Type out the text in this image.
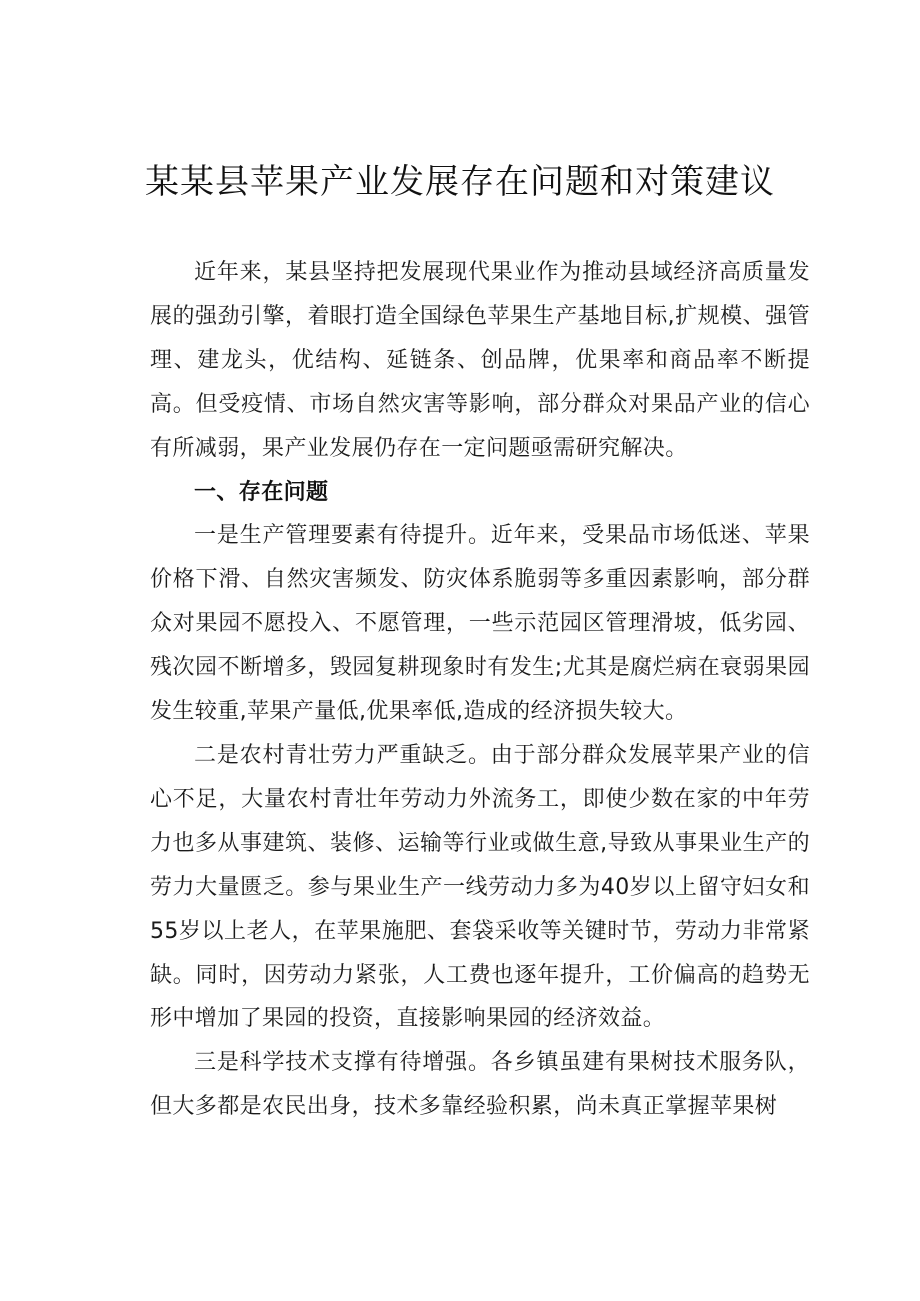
某某县苹果产业发展存在问题和对策建议

近年来，某县坚持把发展现代果业作为推动县域经济高质量发展的强劲引擎，着眼打造全国绿色苹果生产基地目标,扩规模、强管理、建龙头，优结构、延链条、创品牌，优果率和商品率不断提高。但受疫情、市场自然灾害等影响，部分群众对果品产业的信心有所减弱，果产业发展仍存在一定问题亟需研究解决。

一、存在问题

一是生产管理要素有待提升。近年来，受果品市场低迷、苹果价格下滑、自然灾害频发、防灾体系脆弱等多重因素影响，部分群众对果园不愿投入、不愿管理，一些示范园区管理滑坡，低劣园、残次园不断增多，毁园复耕现象时有发生;尤其是腐烂病在衰弱果园发生较重,苹果产量低,优果率低,造成的经济损失较大。

二是农村青壮劳力严重缺乏。由于部分群众发展苹果产业的信心不足，大量农村青壮年劳动力外流务工，即使少数在家的中年劳力也多从事建筑、装修、运输等行业或做生意,导致从事果业生产的劳力大量匮乏。参与果业生产一线劳动力多为40岁以上留守妇女和55岁以上老人，在苹果施肥、套袋采收等关键时节，劳动力非常紧缺。同时，因劳动力紧张，人工费也逐年提升，工价偏高的趋势无形中增加了果园的投资，直接影响果园的经济效益。

三是科学技术支撑有待增强。各乡镇虽建有果树技术服务队，但大多都是农民出身，技术多靠经验积累，尚未真正掌握苹果树
